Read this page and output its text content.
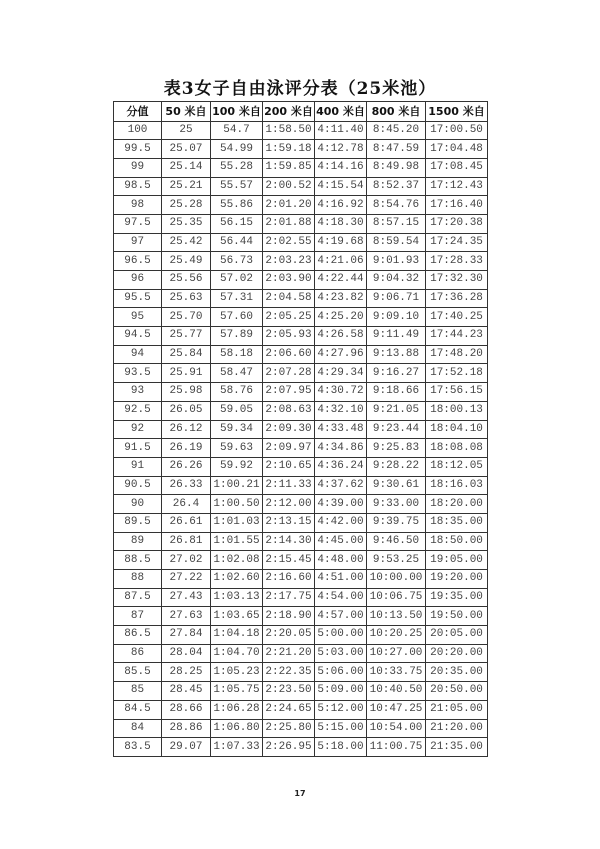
表3女子自由泳评分表（25米池）
分值	50 米自	100 米自	200 米自	400 米自	800 米自	1500 米自
100	25	54.7	1:58.50	4:11.40	8:45.20	17:00.50
99.5	25.07	54.99	1:59.18	4:12.78	8:47.59	17:04.48
99	25.14	55.28	1:59.85	4:14.16	8:49.98	17:08.45
98.5	25.21	55.57	2:00.52	4:15.54	8:52.37	17:12.43
98	25.28	55.86	2:01.20	4:16.92	8:54.76	17:16.40
97.5	25.35	56.15	2:01.88	4:18.30	8:57.15	17:20.38
97	25.42	56.44	2:02.55	4:19.68	8:59.54	17:24.35
96.5	25.49	56.73	2:03.23	4:21.06	9:01.93	17:28.33
96	25.56	57.02	2:03.90	4:22.44	9:04.32	17:32.30
95.5	25.63	57.31	2:04.58	4:23.82	9:06.71	17:36.28
95	25.70	57.60	2:05.25	4:25.20	9:09.10	17:40.25
94.5	25.77	57.89	2:05.93	4:26.58	9:11.49	17:44.23
94	25.84	58.18	2:06.60	4:27.96	9:13.88	17:48.20
93.5	25.91	58.47	2:07.28	4:29.34	9:16.27	17:52.18
93	25.98	58.76	2:07.95	4:30.72	9:18.66	17:56.15
92.5	26.05	59.05	2:08.63	4:32.10	9:21.05	18:00.13
92	26.12	59.34	2:09.30	4:33.48	9:23.44	18:04.10
91.5	26.19	59.63	2:09.97	4:34.86	9:25.83	18:08.08
91	26.26	59.92	2:10.65	4:36.24	9:28.22	18:12.05
90.5	26.33	1:00.21	2:11.33	4:37.62	9:30.61	18:16.03
90	26.4	1:00.50	2:12.00	4:39.00	9:33.00	18:20.00
89.5	26.61	1:01.03	2:13.15	4:42.00	9:39.75	18:35.00
89	26.81	1:01.55	2:14.30	4:45.00	9:46.50	18:50.00
88.5	27.02	1:02.08	2:15.45	4:48.00	9:53.25	19:05.00
88	27.22	1:02.60	2:16.60	4:51.00	10:00.00	19:20.00
87.5	27.43	1:03.13	2:17.75	4:54.00	10:06.75	19:35.00
87	27.63	1:03.65	2:18.90	4:57.00	10:13.50	19:50.00
86.5	27.84	1:04.18	2:20.05	5:00.00	10:20.25	20:05.00
86	28.04	1:04.70	2:21.20	5:03.00	10:27.00	20:20.00
85.5	28.25	1:05.23	2:22.35	5:06.00	10:33.75	20:35.00
85	28.45	1:05.75	2:23.50	5:09.00	10:40.50	20:50.00
84.5	28.66	1:06.28	2:24.65	5:12.00	10:47.25	21:05.00
84	28.86	1:06.80	2:25.80	5:15.00	10:54.00	21:20.00
83.5	29.07	1:07.33	2:26.95	5:18.00	11:00.75	21:35.00
17
